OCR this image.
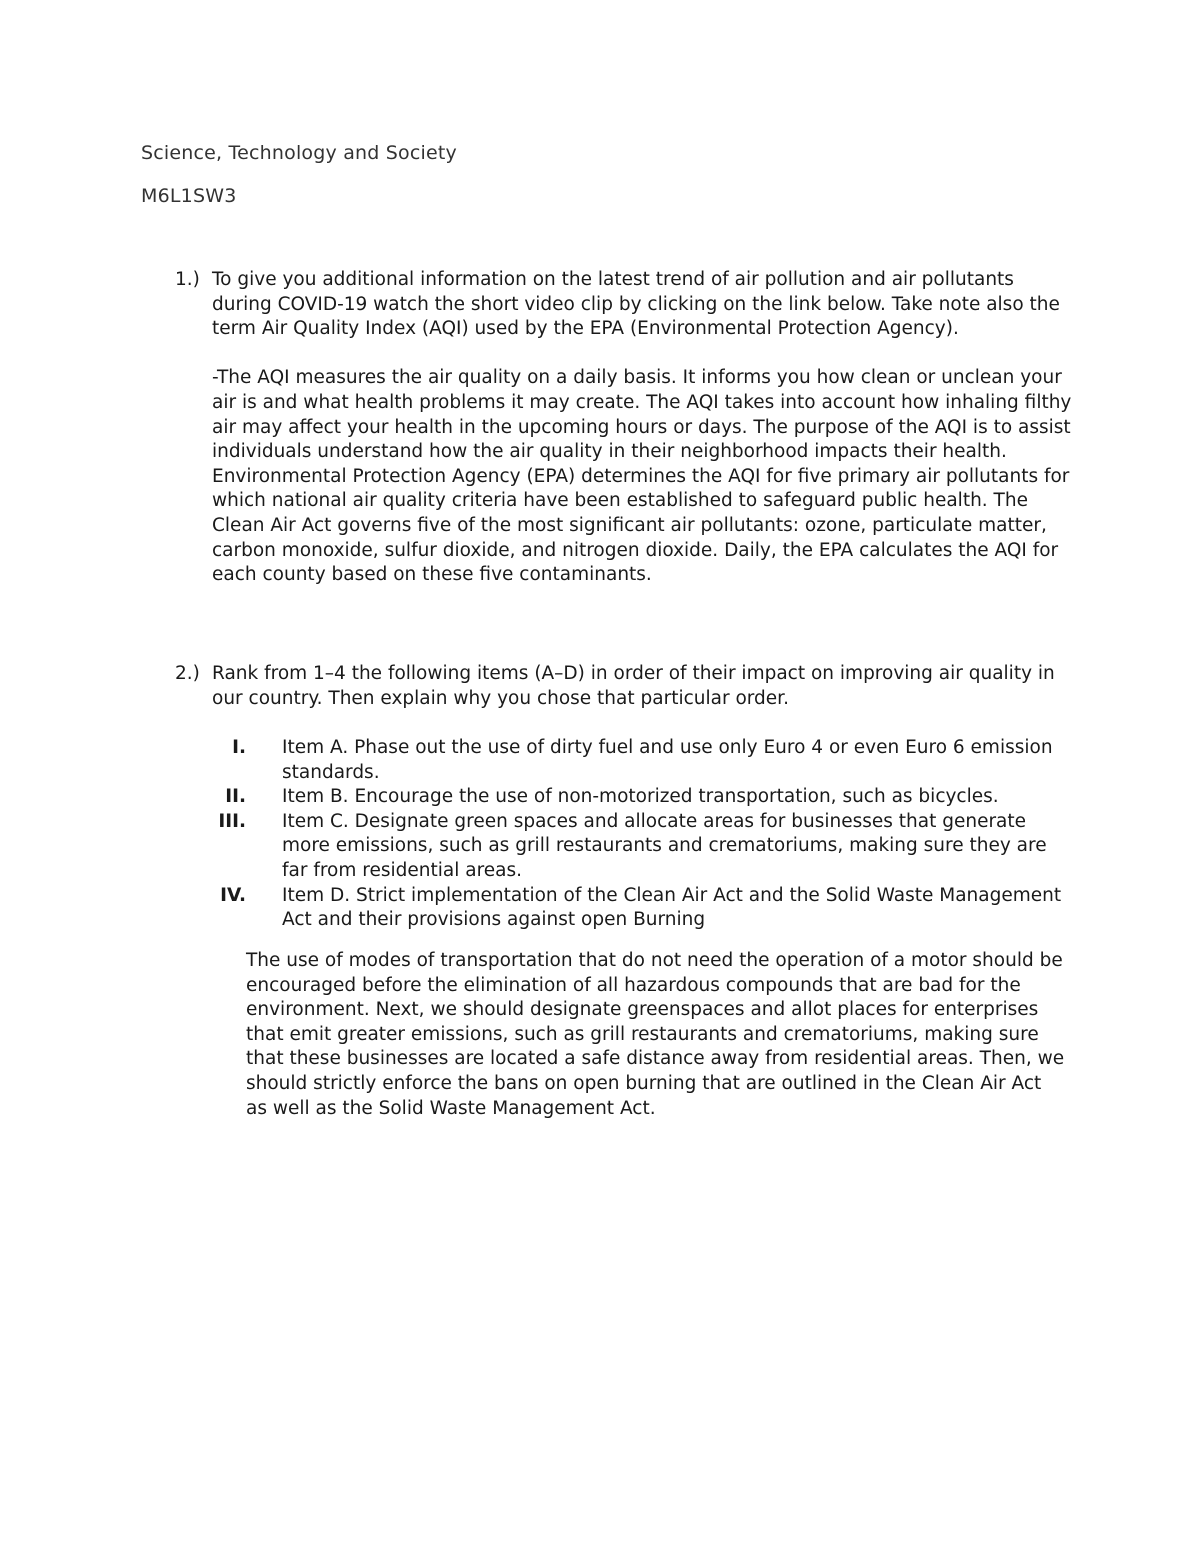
Science, Technology and Society
M6L1SW3
1.) To give you additional information on the latest trend of air pollution and air pollutants during COVID-19 watch the short video clip by clicking on the link below. Take note also the term Air Quality Index (AQI) used by the EPA (Environmental Protection Agency).

-The AQI measures the air quality on a daily basis. It informs you how clean or unclean your air is and what health problems it may create. The AQI takes into account how inhaling filthy air may affect your health in the upcoming hours or days. The purpose of the AQI is to assist individuals understand how the air quality in their neighborhood impacts their health. Environmental Protection Agency (EPA) determines the AQI for five primary air pollutants for which national air quality criteria have been established to safeguard public health. The Clean Air Act governs five of the most significant air pollutants: ozone, particulate matter, carbon monoxide, sulfur dioxide, and nitrogen dioxide. Daily, the EPA calculates the AQI for each county based on these five contaminants.

2.) Rank from 1–4 the following items (A–D) in order of their impact on improving air quality in our country. Then explain why you chose that particular order.

I.	Item A. Phase out the use of dirty fuel and use only Euro 4 or even Euro 6 emission standards.
II.	Item B. Encourage the use of non-motorized transportation, such as bicycles.
III.	Item C. Designate green spaces and allocate areas for businesses that generate more emissions, such as grill restaurants and crematoriums, making sure they are far from residential areas.
IV.	Item D. Strict implementation of the Clean Air Act and the Solid Waste Management Act and their provisions against open Burning

The use of modes of transportation that do not need the operation of a motor should be encouraged before the elimination of all hazardous compounds that are bad for the environment. Next, we should designate greenspaces and allot places for enterprises that emit greater emissions, such as grill restaurants and crematoriums, making sure that these businesses are located a safe distance away from residential areas. Then, we should strictly enforce the bans on open burning that are outlined in the Clean Air Act as well as the Solid Waste Management Act.
